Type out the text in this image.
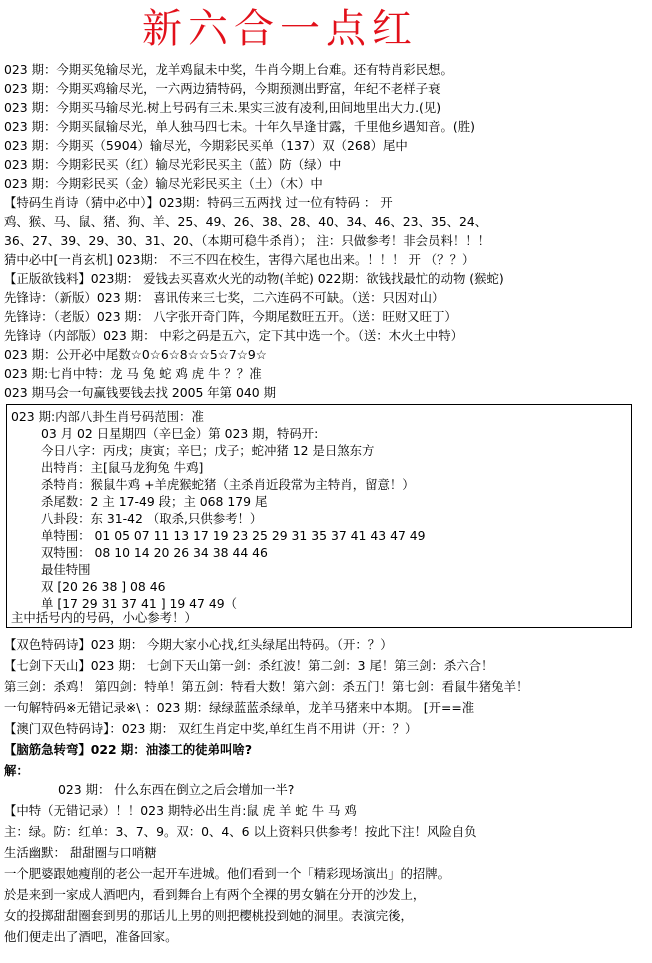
新六合一点红
023 期：今期买兔输尽光，龙羊鸡鼠未中奖，牛肖今期上台难。还有特肖彩民想。
023 期：今期买鸡输尽光，一六两边猜特码，今期预测出野富，年纪不老样子衰
023 期：今期买马输尽光.树上号码有三未.果实三波有凌利,田间地里出大力.(见)
023 期：今期买鼠输尽光，单人独马四七未。十年久旱逢甘露，千里他乡遇知音。(胜)
023 期：今期买（5904）输尽光，今期彩民买单（137）双（268）尾中
023 期：今期彩民买（红）输尽光彩民买主（蓝）防（绿）中
023 期：今期彩民买（金）输尽光彩民买主（土）（木）中
【特码生肖诗（猜中必中）】023期：特码三五两找 过一位有特码 ： 开
鸡、猴、马、鼠、猪、狗、羊、25、49、26、38、28、40、34、46、23、35、24、
36、27、39、29、30、31、20、（本期可稳牛杀肖）； 注：只做参考！非会员料！！！
猜中必中[一肖玄机] 023期： 不三不四在校生，害得六尾也出来。！！！ 开 （？？）
【正版欲钱料】023期： 爱钱去买喜欢火光的动物(羊蛇) 022期：欲钱找最忙的动物 (猴蛇)
先锋诗：（新版）023 期： 喜讯传来三七奖，二六连码不可缺。（送：只因对山）
先锋诗：（老版）023 期： 八字张开奇门阵，今期尾数旺五开。（送：旺财又旺丁）
先锋诗（内部版）023 期： 中彩之码是五六，定下其中选一个。（送：木火土中特）
023 期：公开必中尾数☆0☆6☆8☆☆5☆7☆9☆
023 期:七肖中特：龙 马 兔 蛇 鸡 虎 牛 ？？准
023 期马会一句赢钱要钱去找 2005 年第 040 期
023 期:内部八卦生肖号码范围：准
03 月 02 日星期四（辛巳金）第 023 期，特码开:
今日八字：丙戌；庚寅；辛巳；戊子；蛇冲猪 12 是日煞东方
出特肖：主[鼠马龙狗兔 牛鸡]
杀特肖：猴鼠牛鸡 +羊虎猴蛇猪（主杀肖近段常为主特肖，留意！）
杀尾数：2 主 17-49 段；主 068 179 尾
八卦段：东 31-42 （取杀,只供参考！）
单特围： 01 05 07 11 13 17 19 23 25 29 31 35 37 41 43 47 49
双特围： 08 10 14 20 26 34 38 44 46
最佳特围
双 [20 26 38 ] 08 46
单 [17 29 31 37 41 ] 19 47 49（
主中括号内的号码，小心参考！）
【双色特码诗】023 期： 今期大家小心找,红头绿尾出特码。（开：？）
【七剑下天山】023 期： 七剑下天山第一剑：杀红波！第二剑：3 尾！第三剑：杀六合！
第三剑：杀鸡！ 第四剑：特单！第五剑：特看大数！第六剑：杀五门！第七剑：看鼠牛猪兔羊！
一句解特码※无错记录※\ ：023 期：绿绿蓝蓝杀绿单，龙羊马猪来中本期。 [开==准
【澳门双色特码诗】：023 期： 双红生肖定中奖,单红生肖不用讲（开：？）
【脑筋急转弯】022 期：油漆工的徒弟叫啥?
解：
023 期： 什么东西在倒立之后会增加一半?
【中特（无错记录）！！023 期特必出生肖:鼠 虎 羊 蛇 牛 马 鸡
主：绿。防：红单：3、7、9。双：0、4、6 以上资料只供参考！按此下注！风险自负
生活幽默： 甜甜圈与口哨糖
一个肥婆跟她瘦削的老公一起开车进城。他们看到一个「精彩现场演出」的招牌。
於是来到一家成人酒吧内，看到舞台上有两个全裸的男女躺在分开的沙发上，
女的投掷甜甜圈套到男的那话儿上男的则把樱桃投到她的洞里。表演完後，
他们便走出了酒吧，准备回家。
